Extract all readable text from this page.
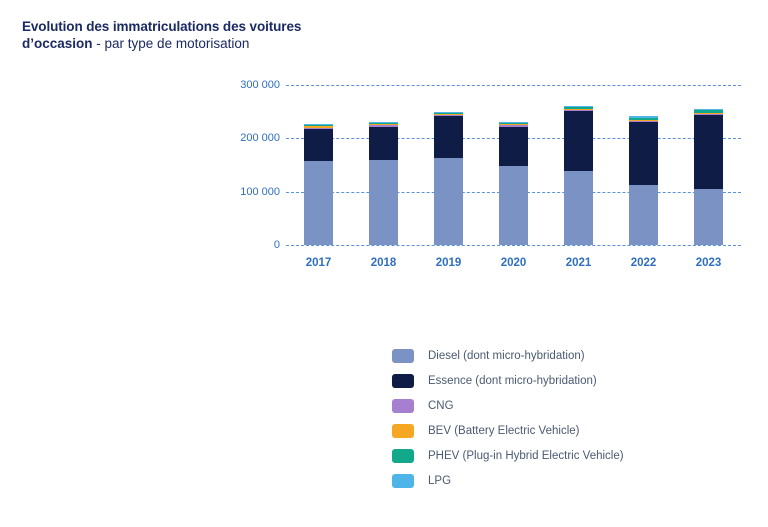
Evolution des immatriculations des voitures
d’occasion - par type de motorisation
0
100 000
200 000
300 000
2017	2018	2019	2020	2021	2022	2023
Diesel (dont micro-hybridation)
Essence (dont micro-hybridation)
CNG
BEV (Battery Electric Vehicle)
PHEV (Plug-in Hybrid Electric Vehicle)
LPG
